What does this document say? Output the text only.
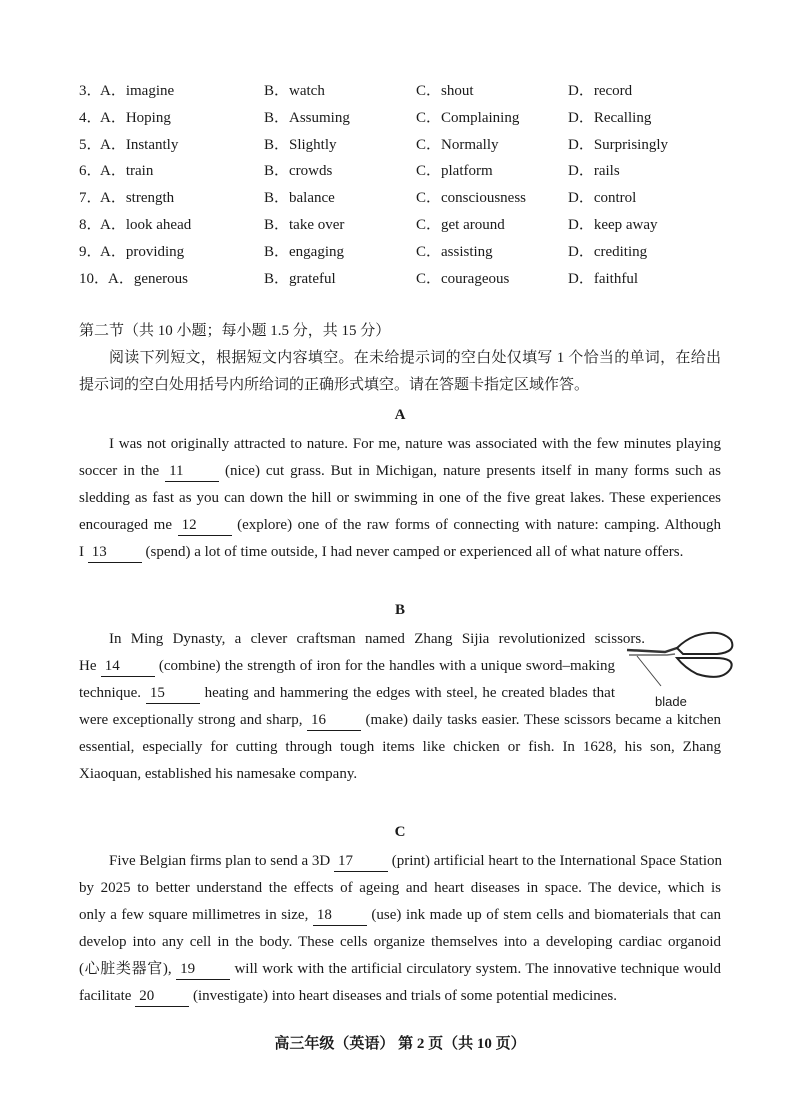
3．
A．imagine	B．watch	C．shout	D．record
4．
A．Hoping	B．Assuming	C．Complaining	D．Recalling
5．
A．Instantly	B．Slightly	C．Normally	D．Surprisingly
6．
A．train	B．crowds	C．platform	D．rails
7．
A．strength	B．balance	C．consciousness	D．control
8．
A．look ahead	B．take over	C．get around	D．keep away
9．
A．providing	B．engaging	C．assisting	D．crediting
10．
A．generous	B．grateful	C．courageous	D．faithful
第二节（共 10 小题；每小题 1.5 分，共 15 分）
阅读下列短文，根据短文内容填空。在未给提示词的空白处仅填写 1 个恰当的单词，在给出提示词的空白处用括号内所给词的正确形式填空。请在答题卡指定区域作答。
A
I was not originally attracted to nature. For me, nature was associated with the few minutes playing
soccer in the 11 (nice) cut grass. But in Michigan, nature presents itself in many forms such as
sledding as fast as you can down the hill or swimming in one of the five great lakes. These experiences
encouraged me 12 (explore) one of the raw forms of connecting with nature: camping. Although
I 13 (spend) a lot of time outside, I had never camped or experienced all of what nature offers.
B
In Ming Dynasty, a clever craftsman named Zhang Sijia revolutionized scissors.
He 14 (combine) the strength of iron for the handles with a unique sword–making
technique. 15 heating and hammering the edges with steel, he created blades that
were exceptionally strong and sharp, 16 (make) daily tasks easier. These scissors became a kitchen
essential, especially for cutting through tough items like chicken or fish. In 1628, his son, Zhang
Xiaoquan, established his namesake company.
blade
C
Five Belgian firms plan to send a 3D 17 (print) artificial heart to the International Space Station
by 2025 to better understand the effects of ageing and heart diseases in space. The device, which is
only a few square millimetres in size, 18 (use) ink made up of stem cells and biomaterials that can
develop into any cell in the body. These cells organize themselves into a developing cardiac organoid
(心脏类器官), 19 will work with the artificial circulatory system. The innovative technique would
facilitate 20 (investigate) into heart diseases and trials of some potential medicines.
高三年级（英语） 第 2 页（共 10 页）
